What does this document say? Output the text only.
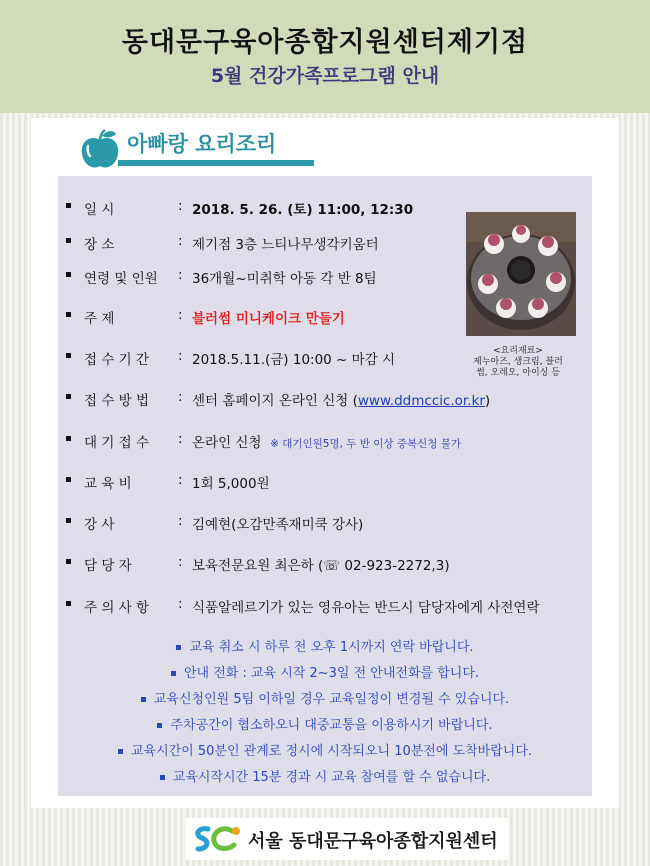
동대문구육아종합지원센터제기점
5월 건강가족프로그램 안내
아빠랑 요리조리
일 시	: 2018. 5. 26. (토) 11:00, 12:30
장 소	: 제기점 3층 느티나무생각키움터
연령 및 인원 : 36개월~미취학 아동 각 반 8팀
주 제	: 블러썸 미니케이크 만들기
접 수 기 간 : 2018.5.11.(금) 10:00 ~ 마감 시
접 수 방 법 : 센터 홈페이지 온라인 신청 (www.ddmccic.or.kr)
대 기 접 수 : 온라인 신청 ※ 대기인원5명, 두 반 이상 중복신청 불가
교 육 비	: 1회 5,000원
강 사	: 김예현(오감만족재미쿡 강사)
담 당 자	: 보육전문요원 최은하 (☏ 02-923-2272,3)
주 의 사 항 : 식품알레르기가 있는 영유아는 반드시 담당자에게 사전연락
<요리재료>
제누아즈, 생크림, 블러
썸, 오레오, 아이싱 등
교육 취소 시 하루 전 오후 1시까지 연락 바랍니다.
안내 전화 : 교육 시작 2~3일 전 안내전화를 합니다.
교육신청인원 5팀 이하일 경우 교육일정이 변경될 수 있습니다.
주차공간이 협소하오니 대중교통을 이용하시기 바랍니다.
교육시간이 50분인 관계로 정시에 시작되오니 10분전에 도착바랍니다.
교육시작시간 15분 경과 시 교육 참여를 할 수 없습니다.
서울 동대문구육아종합지원센터
